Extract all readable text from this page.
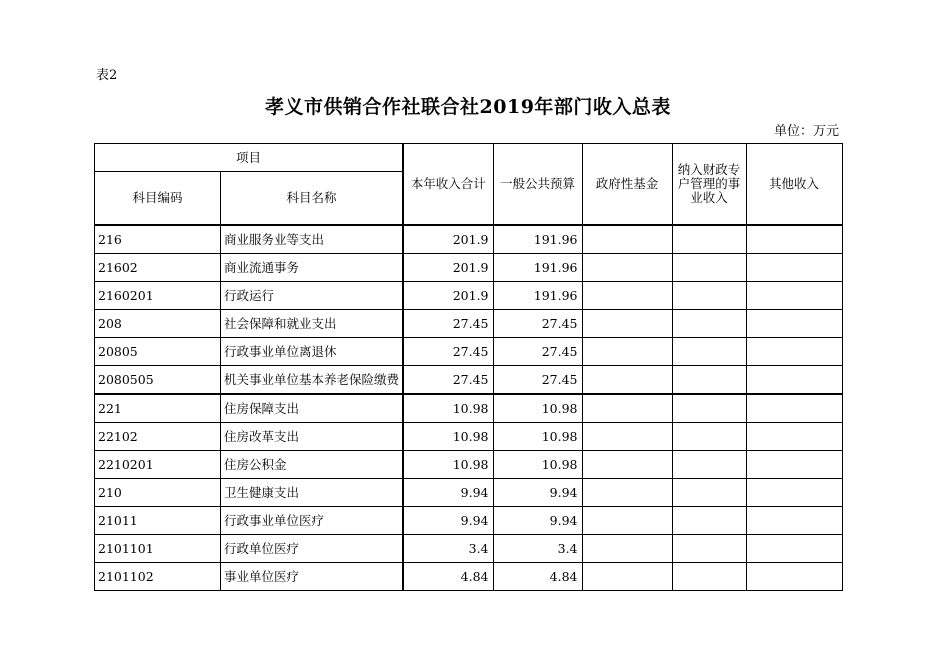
表2
孝义市供销合作社联合社2019年部门收入总表
单位：万元
项目		本年收入合计	一般公共预算	政府性基金	纳入财政专户管理的事业收入	其他收入
科目编码	科目名称					
216	商业服务业等支出	201.9	191.96			
21602	商业流通事务	201.9	191.96			
2160201	行政运行	201.9	191.96			
208	社会保障和就业支出	27.45	27.45			
20805	行政事业单位离退休	27.45	27.45			
2080505	机关事业单位基本养老保险缴费	27.45	27.45			
221	住房保障支出	10.98	10.98			
22102	住房改革支出	10.98	10.98			
2210201	住房公积金	10.98	10.98			
210	卫生健康支出	9.94	9.94			
21011	行政事业单位医疗	9.94	9.94			
2101101	行政单位医疗	3.4	3.4			
2101102	事业单位医疗	4.84	4.84			
